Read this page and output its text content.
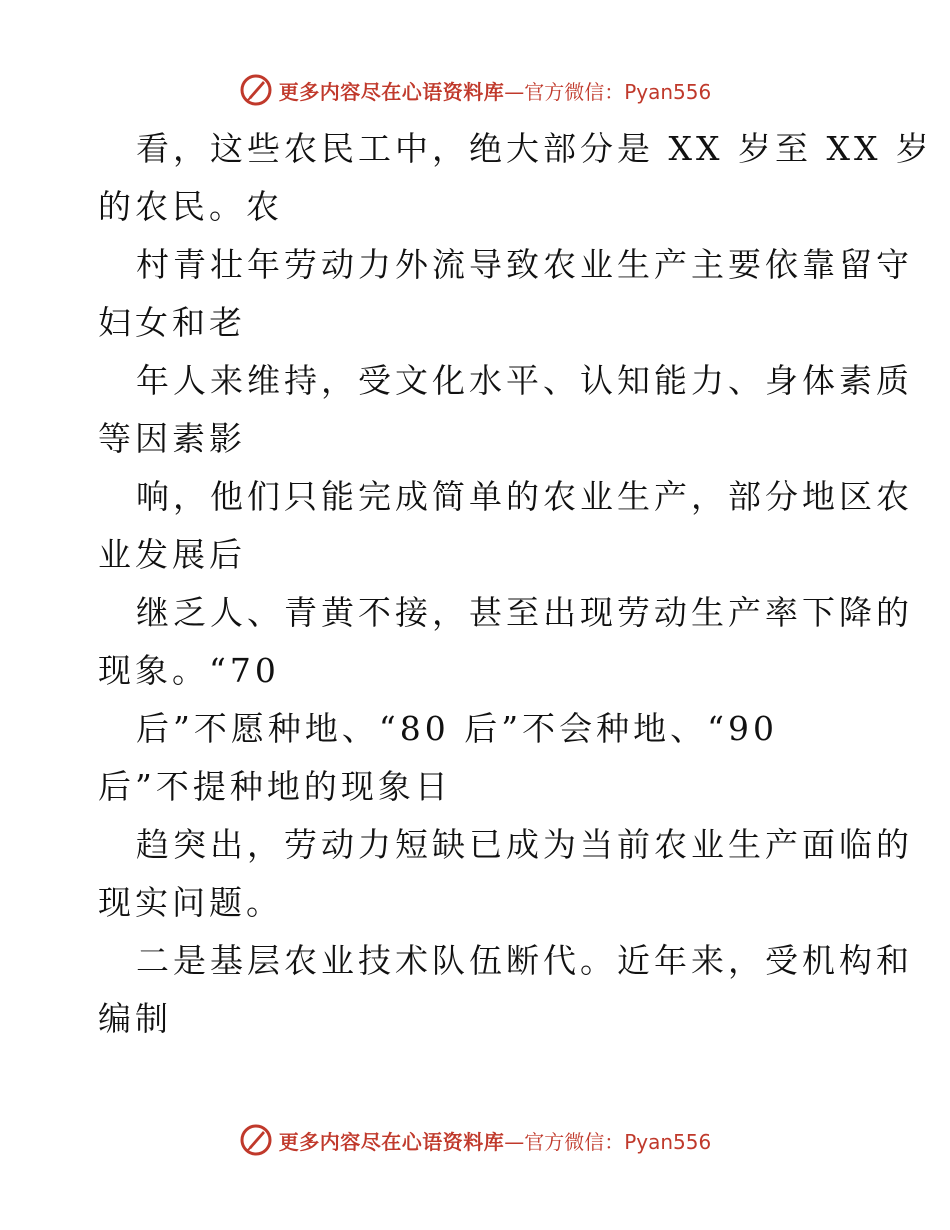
更多内容尽在心语资料库 —官方微信：Pyan556
看，这些农民工中，绝大部分是 XX 岁至 XX 岁
的农民。农
村青壮年劳动力外流导致农业生产主要依靠留守
妇女和老
年人来维持，受文化水平、认知能力、身体素质
等因素影
响，他们只能完成简单的农业生产，部分地区农
业发展后
继乏人、青黄不接，甚至出现劳动生产率下降的
现象。“70
后”不愿种地、“80 后”不会种地、“90
后”不提种地的现象日
趋突出，劳动力短缺已成为当前农业生产面临的
现实问题。
二是基层农业技术队伍断代。近年来，受机构和
编制
更多内容尽在心语资料库 —官方微信：Pyan556
